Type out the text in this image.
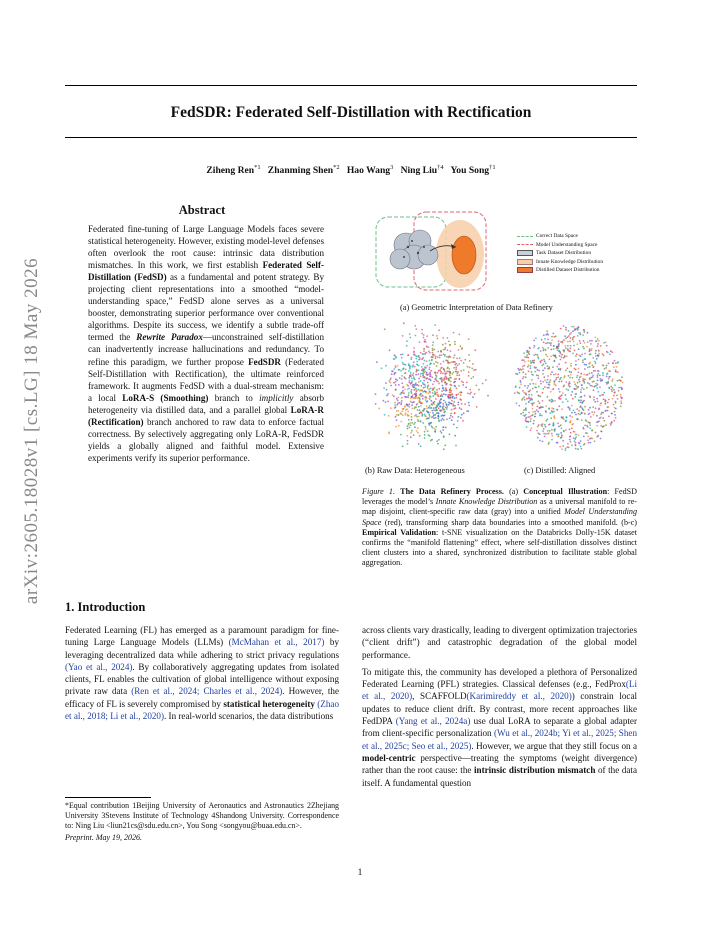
FedSDR: Federated Self-Distillation with Rectification
Ziheng Ren$^{*1}$ Zhanming Shen$^{*2}$ Hao Wang$^3$ Ning Liu$^{\dagger 4}$ You Song$^{\dagger 1}$
arXiv:2605.18028v1 [cs.LG] 18 May 2026
Abstract
Federated fine-tuning of Large Language Models faces severe statistical heterogeneity. However, existing model-level defenses often overlook the root cause: intrinsic data distribution mismatches. In this work, we first establish Federated Self-Distillation (FedSD) as a fundamental and potent strategy. By projecting client representations into a smoothed “model-understanding space,” FedSD alone serves as a universal booster, demonstrating superior performance over conventional algorithms. Despite its success, we identify a subtle trade-off termed the Rewrite Paradox—unconstrained self-distillation can inadvertently increase hallucinations and redundancy. To refine this paradigm, we further propose FedSDR (Federated Self-Distillation with Rectification), the ultimate reinforced framework. It augments FedSD with a dual-stream mechanism: a local LoRA-S (Smoothing) branch to implicitly absorb heterogeneity via distilled data, and a parallel global LoRA-R (Rectification) branch anchored to raw data to enforce factual correctness. By selectively aggregating only LoRA-R, FedSDR yields a globally aligned and faithful model. Extensive experiments verify its superior performance.
Correct Data Space
Model Understanding Space
Task Dataset Distribution
Innate Knowledge Distribution
Distilled Dataset Distribution
(a) Geometric Interpretation of Data Refinery
(b) Raw Data: Heterogeneous	(c) Distilled: Aligned
Figure 1. The Data Refinery Process. (a) Conceptual Illustration: FedSD leverages the model’s Innate Knowledge Distribution as a universal manifold to re-map disjoint, client-specific raw data (gray) into a unified Model Understanding Space (red), transforming sharp data boundaries into a smoothed manifold. (b-c) Empirical Validation: t-SNE visualization on the Databricks Dolly-15K dataset confirms the “manifold flattening” effect, where self-distillation dissolves distinct client clusters into a shared, synchronized distribution to facilitate stable global aggregation.
1. Introduction
Federated Learning (FL) has emerged as a paramount paradigm for fine-tuning Large Language Models (LLMs) (McMahan et al., 2017) by leveraging decentralized data while adhering to strict privacy regulations (Yao et al., 2024). By collaboratively aggregating updates from isolated clients, FL enables the cultivation of global intelligence without exposing private raw data (Ren et al., 2024; Charles et al., 2024). However, the efficacy of FL is severely compromised by statistical heterogeneity (Zhao et al., 2018; Li et al., 2020). In real-world scenarios, the data distributions

across clients vary drastically, leading to divergent optimization trajectories (“client drift”) and catastrophic degradation of the global model performance.

To mitigate this, the community has developed a plethora of Personalized Federated Learning (PFL) strategies. Classical defenses (e.g., FedProx(Li et al., 2020), SCAFFOLD(Karimireddy et al., 2020)) constrain local updates to reduce client drift. By contrast, more recent approaches like FedDPA (Yang et al., 2024a) use dual LoRA to separate a global adapter from client-specific personalization (Wu et al., 2024b; Yi et al., 2025; Shen et al., 2025c; Seo et al., 2025). However, we argue that they still focus on a model-centric perspective—treating the symptoms (weight divergence) rather than the root cause: the intrinsic distribution mismatch of the data itself. A fundamental question

*Equal contribution 1Beijing University of Aeronautics and Astronautics 2Zhejiang University 3Stevens Institute of Technology 4Shandong University. Correspondence to: Ning Liu <liun21cs@sdu.edu.cn>, You Song <songyou@buaa.edu.cn>.
Preprint. May 19, 2026.
1
